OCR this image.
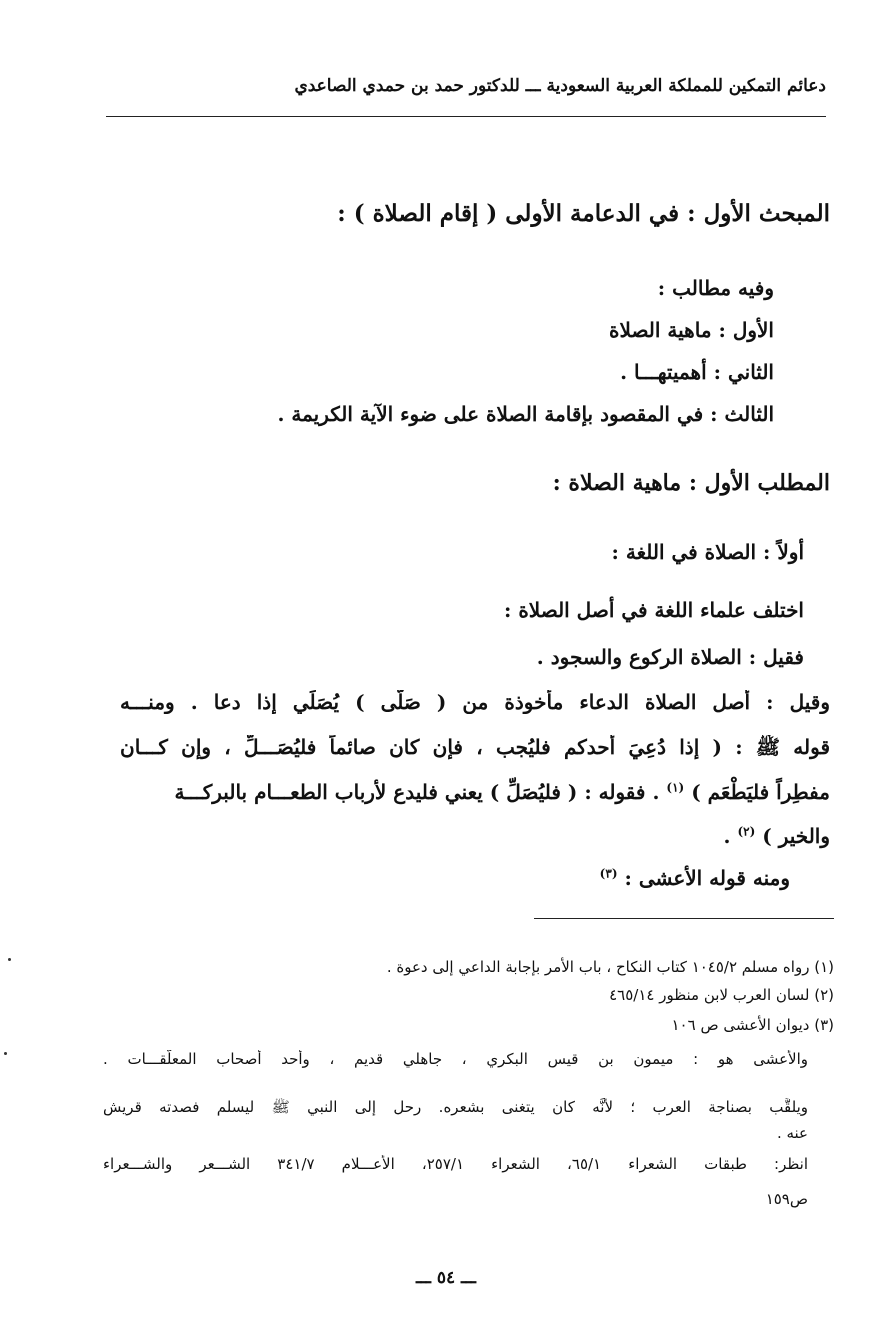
دعائم التمكين للمملكة العربية السعودية ـــ للدكتور حمد بن حمدي الصاعدي
المبحث الأول : في الدعامة الأولى ( إقام الصلاة ) :
وفيه مطالب :
الأول : ماهية الصلاة
الثاني : أهميتهـــا .
الثالث : في المقصود بإقامة الصلاة على ضوء الآية الكريمة .
المطلب الأول : ماهية الصلاة :
أولاً : الصلاة في اللغة :
اختلف علماء اللغة في أصل الصلاة :
فقيل : الصلاة الركوع والسجود .
وقيل : أصل الصلاة الدعاء مأخوذة من ( صَلَّى ) يُصَلِّي إذا دعا . ومنـــه
قوله ﷺ : ( إذا دُعِيَ أحدكم فليُجب ، فإن كان صائماً فليُصَـــلِّ ، وإن كـــان
مفطِراً فليَطْعَم ) $^{(١)}$ . فقوله : ( فليُصَلِّ ) يعني فليدع لأرباب الطعـــام بالبركـــة
والخير ) $^{(٢)}$ .
ومنه قوله الأعشى : $^{(٣)}$
(١) رواه مسلم ١٠٤٥/٢ كتاب النكاح ، باب الأمر بإجابة الداعي إلى دعوة .
(٢) لسان العرب لابن منظور ٤٦٥/١٤
(٣) ديوان الأعشى ص ١٠٦
والأعشى هو : ميمون بن قيس البكري ، جاهلي قديم ، وأحد أصحاب المعلَّقـــات .
ويلقَّب بصناجة العرب ؛ لأنَّه كان يتغنى بشعره. رحل إلى النبي ﷺ ليسلم فصدته قريش
عنه .
انظر: طبقات الشعراء ٦٥/١، الشعراء ٢٥٧/١، الأعـــلام ٣٤١/٧ الشـــعر والشـــعراء
ص١٥٩
ـــ ٥٤ ـــ
